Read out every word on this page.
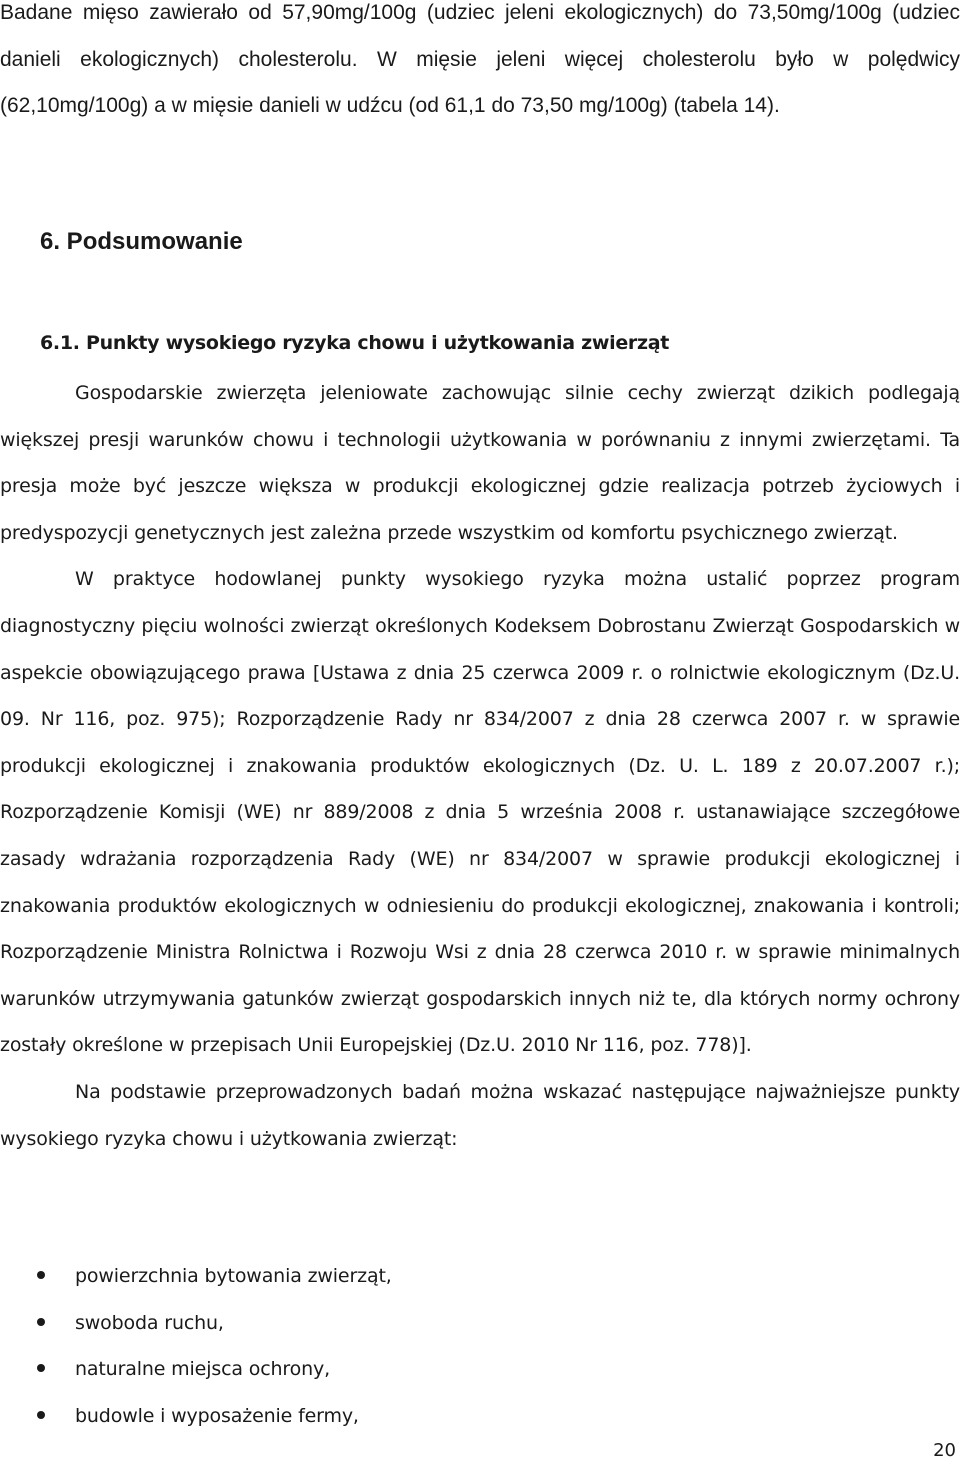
Badane mięso zawierało od 57,90mg/100g (udziec jeleni ekologicznych) do 73,50mg/100g (udziec danieli ekologicznych) cholesterolu. W mięsie jeleni więcej cholesterolu było w polędwicy (62,10mg/100g) a w mięsie danieli w udźcu (od 61,1 do 73,50 mg/100g) (tabela 14).

6. Podsumowanie
6.1. Punkty wysokiego ryzyka chowu i użytkowania zwierząt

Gospodarskie zwierzęta jeleniowate zachowując silnie cechy zwierząt dzikich podlegają większej presji warunków chowu i technologii użytkowania w porównaniu z innymi zwierzętami. Ta presja może być jeszcze większa w produkcji ekologicznej gdzie realizacja potrzeb życiowych i predyspozycji genetycznych jest zależna przede wszystkim od komfortu psychicznego zwierząt.

W praktyce hodowlanej punkty wysokiego ryzyka można ustalić poprzez program diagnostyczny pięciu wolności zwierząt określonych Kodeksem Dobrostanu Zwierząt Gospodarskich w aspekcie obowiązującego prawa [Ustawa z dnia 25 czerwca 2009 r. o rolnictwie ekologicznym (Dz.U. 09. Nr 116, poz. 975); Rozporządzenie Rady nr 834/2007 z dnia 28 czerwca 2007 r. w sprawie produkcji ekologicznej i znakowania produktów ekologicznych (Dz. U. L. 189 z 20.07.2007 r.); Rozporządzenie Komisji (WE) nr 889/2008 z dnia 5 września 2008 r. ustanawiające szczegółowe zasady wdrażania rozporządzenia Rady (WE) nr 834/2007 w sprawie produkcji ekologicznej i znakowania produktów ekologicznych w odniesieniu do produkcji ekologicznej, znakowania i kontroli; Rozporządzenie Ministra Rolnictwa i Rozwoju Wsi z dnia 28 czerwca 2010 r. w sprawie minimalnych warunków utrzymywania gatunków zwierząt gospodarskich innych niż te, dla których normy ochrony zostały określone w przepisach Unii Europejskiej (Dz.U. 2010 Nr 116, poz. 778)].

Na podstawie przeprowadzonych badań można wskazać następujące najważniejsze punkty wysokiego ryzyka chowu i użytkowania zwierząt:

powierzchnia bytowania zwierząt,
swoboda ruchu,
naturalne miejsca ochrony,
budowle i wyposażenie fermy,
20
